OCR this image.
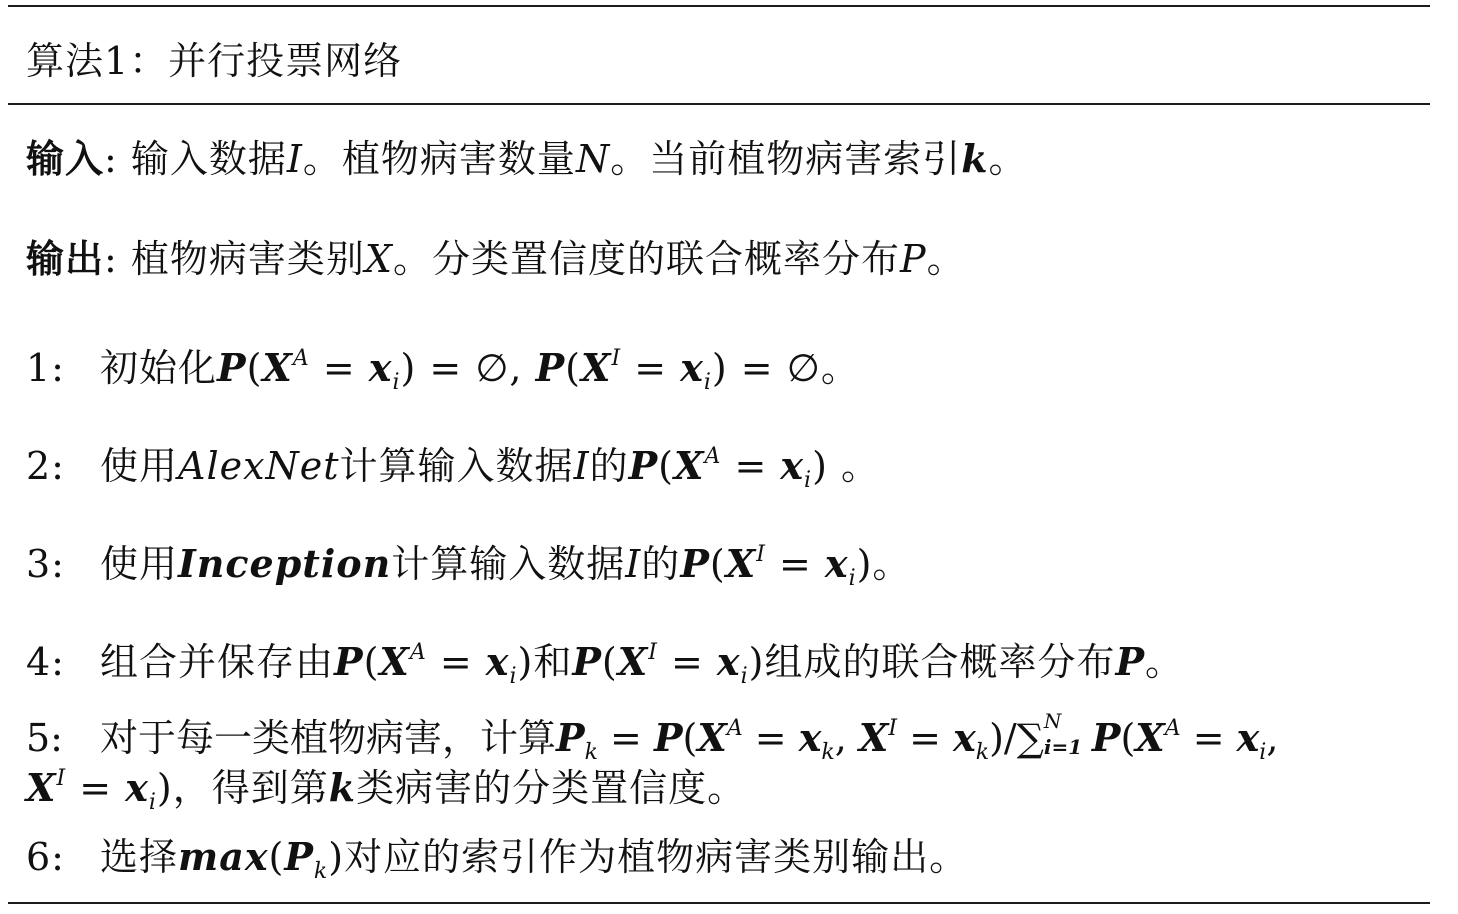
算法1：并行投票网络
输入: 输入数据I。植物病害数量N。当前植物病害索引k。
输出: 植物病害类别X。分类置信度的联合概率分布P。
1: 初始化$P(X^A = x_i)$ = ∅, $P(X^I = x_i)$ = ∅。
2: 使用AlexNet计算输入数据I的$P(X^A = x_i)$ 。
3: 使用Inception计算输入数据I的$P(X^I = x_i)$。
4: 组合并保存由$P(X^A = x_i)$和$P(X^I = x_i)$组成的联合概率分布P。
5: 对于每一类植物病害，计算$P_k = P(X^A = x_k$, $X^I = x_k)/\sum$ N
i=1 $P(X^A = x_i$,
$X^I = x_i$)，得到第k类病害的分类置信度。
6: 选择$\max(P_k)$对应的索引作为植物病害类别输出。
